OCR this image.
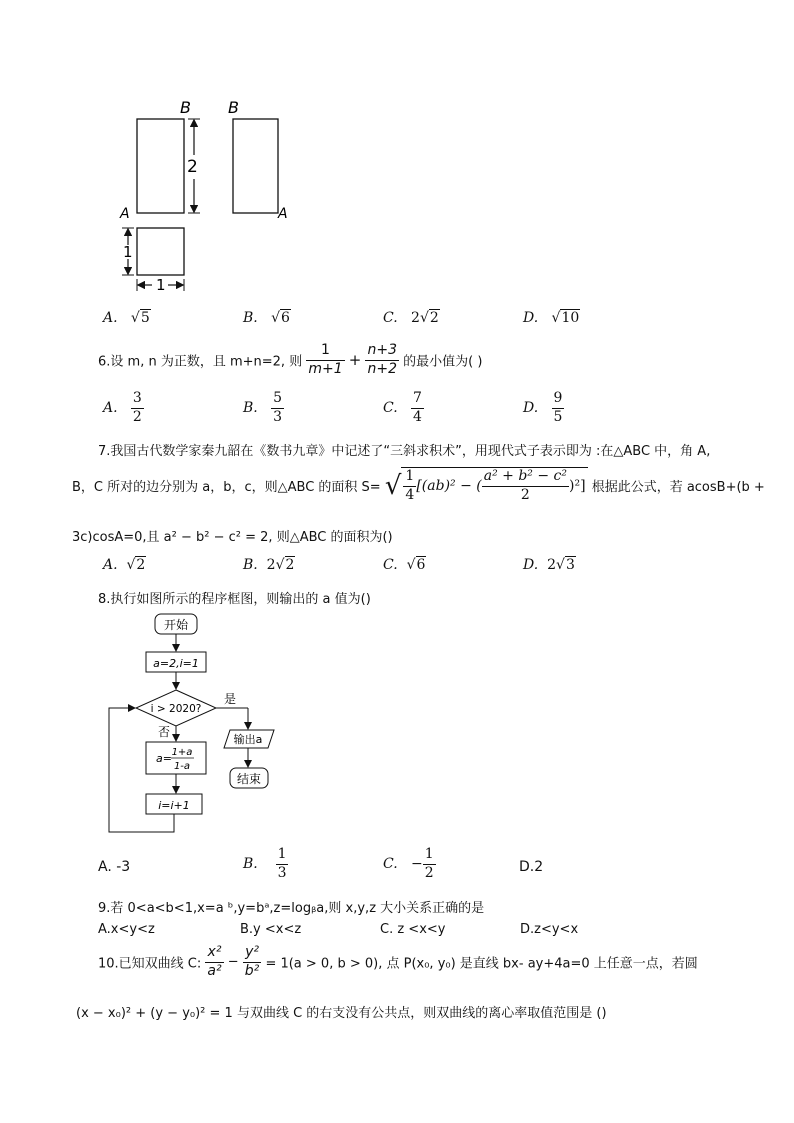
2
B
A
B
A
1
1
A. √5	B. √6	C. 2√2	D. √10
6.设 m, n 为正数，且 m+n=2, 则 $\frac{1}{m+1} + \frac{n+3}{n+2}$ 的最小值为( )
A. $\frac{3}{2}$	B. $\frac{5}{3}$	C. $\frac{7}{4}$	D. $\frac{9}{5}$
7.我国古代数学家秦九韶在《数书九章》中记述了“三斜求积术”，用现代式子表示即为 :在△ABC 中，角 A,
B，C 所对的边分别为 a，b，c，则△ABC 的面积 S= √ $\frac{1}{4} [(ab)^2$ − ( $\frac{\text{a² + b² − c²}}{2} )^2$] 根据此公式，若 acosB+(b +
3c)cosA=0,且 a² − b² − c² = 2, 则△ABC 的面积为()
A. √2	B. 2√2	C. √6	D. 2√3
8.执行如图所示的程序框图，则输出的 a 值为()
开始
a=2,i=1
i > 2020?
是
输出a
结束
否
a= 1+a
1-a
i=i+1
A. -3	B. $\frac{1}{3}$	C. − $\frac{1}{2}$	D.2
9.若 0<a<b<1,x=a ᵇ,y=bᵃ,z=logᵦa,则 x,y,z 大小关系正确的是
A.x<y<z	B.y <x<z	C. z <x<y	D.z<y<x
10.已知双曲线 C: $\frac{\text{x²}}{\text{a²}} - \frac{\text{y²}}{\text{b²}} = 1(a > 0$, b > 0), 点 P(x₀, y₀) 是直线 bx- ay+4a=0 上任意一点，若圆
(x − x₀)² + (y − y₀)² = 1 与双曲线 C 的右支没有公共点，则双曲线的离心率取值范围是 ()
